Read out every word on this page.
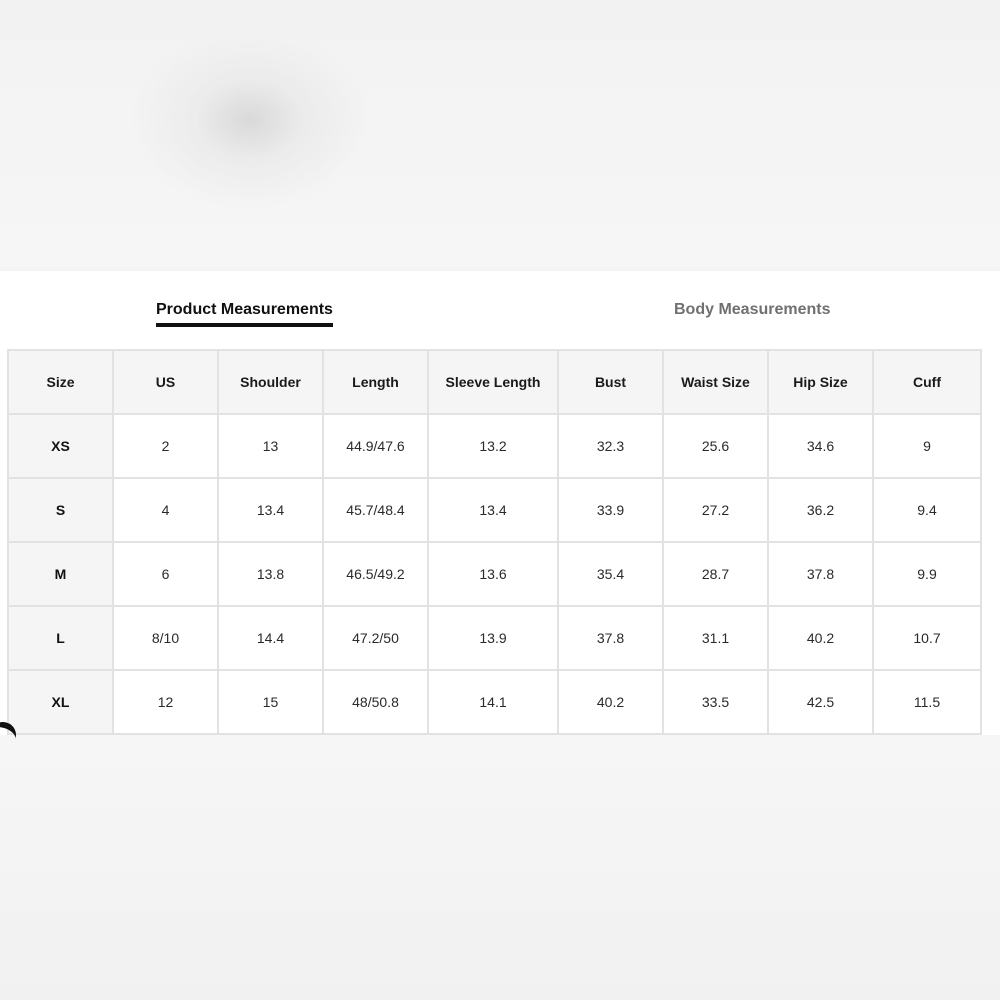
Product Measurements	Body Measurements
Size	US	Shoulder	Length	Sleeve Length	Bust	Waist Size	Hip Size	Cuff
XS	2	13	44.9/47.6	13.2	32.3	25.6	34.6	9
S	4	13.4	45.7/48.4	13.4	33.9	27.2	36.2	9.4
M	6	13.8	46.5/49.2	13.6	35.4	28.7	37.8	9.9
L	8/10	14.4	47.2/50	13.9	37.8	31.1	40.2	10.7
XL	12	15	48/50.8	14.1	40.2	33.5	42.5	11.5
